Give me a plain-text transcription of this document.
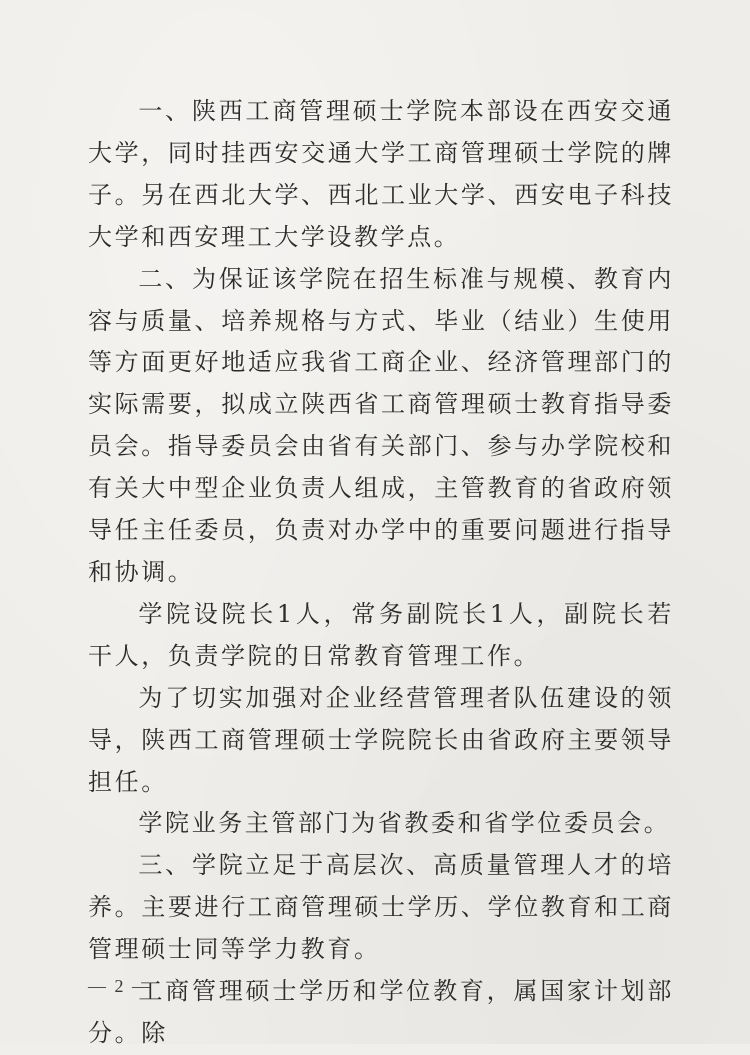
一、陕西工商管理硕士学院本部设在西安交通大学，同时挂西安交通大学工商管理硕士学院的牌子。另在西北大学、西北工业大学、西安电子科技大学和西安理工大学设教学点。

二、为保证该学院在招生标准与规模、教育内容与质量、培养规格与方式、毕业（结业）生使用等方面更好地适应我省工商企业、经济管理部门的实际需要，拟成立陕西省工商管理硕士教育指导委员会。指导委员会由省有关部门、参与办学院校和有关大中型企业负责人组成，主管教育的省政府领导任主任委员，负责对办学中的重要问题进行指导和协调。

学院设院长1人，常务副院长1人，副院长若干人，负责学院的日常教育管理工作。

为了切实加强对企业经营管理者队伍建设的领导，陕西工商管理硕士学院院长由省政府主要领导担任。

学院业务主管部门为省教委和省学位委员会。

三、学院立足于高层次、高质量管理人才的培养。主要进行工商管理硕士学历、学位教育和工商管理硕士同等学力教育。

工商管理硕士学历和学位教育，属国家计划部分。除

— 2 —
